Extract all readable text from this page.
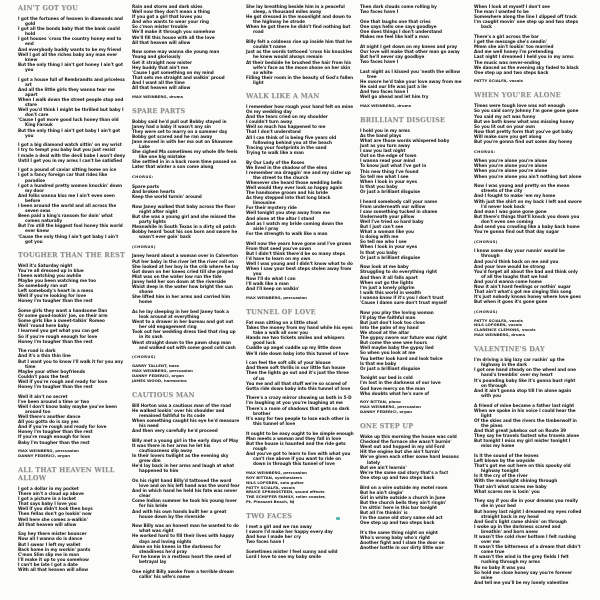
AIN'T GOT YOU
I got the fortunes of heaven in diamonds and gold
I got all the bonds baby that the bank could hold
I got houses 'cross the country honey end to end
And everybody buddy wants to be my friend
Well I got all the riches baby any man ever knew
But the only thing I ain't got honey I ain't got you
I got a house full of Rembrandts and priceless art
And all the little girls they wanna tear me apart
When I walk down the street people stop and stare
Well you'd think I might be thrilled but baby I don't care
'Cause I got more good luck honey than old King Farouk
But the only thing I ain't got baby I ain't got you
I got a big diamond watch sittin' on my wrist
I try to tempt you baby but you just resist
I made a deal with the devil babe I won't deny
Until I get you in my arms I can't be satisfied
I got a pound of caviar sitting home on ice
I got a fancy foreign car that rides like paradise
I got a hundred pretty women knockin' down my door
And folks wanna kiss me I ain't even seen before
I been around the world and all across the seven seas
Been paid a king's ransom for doin' what comes naturally
But I'm still the biggest fool honey this world ever knew
'Cause the only thing I ain't got baby I ain't got you
TOUGHER THAN THE REST
Well it's Saturday night
You're all dressed up in blue
I been watching you awhile
Maybe you been watching me too
So somebody ran out
Left somebody's heart in a mess
Well if you're looking for love
Honey I'm tougher than the rest
Some girls they want a handsome Dan
Or some good-lookin' Joe, on their arm
Some girls like a sweet-talkin' Romeo
Well 'round here baby
I learned you get what you can get
So if you're rough enough for love
Honey I'm tougher than the rest
The road is dark
And it's a thin thin line
But I want you to know I'll walk it for you any time
Maybe your other boyfriends
Couldn't pass the test
Well if you're rough and ready for love
Honey I'm tougher than the rest
Well it ain't no secret
I've been around a time or two
Well I don't know baby maybe you've been around too
Well there's another dance
All you gotta do is say yes
And if you're rough and ready for love
Honey I'm tougher than the rest
If you're rough enough for love
Baby I'm tougher than the rest
MAX WEINBERG, percussion
DANNY FEDERICI, organ
ALL THAT HEAVEN WILL ALLOW
I got a dollar in my pocket
There ain't a cloud up above
I got a picture in a locket
That says baby I love you
Well if you didn't look then boys
Then fellas don't go lookin' now
Well here she comes a-walkin'
All that heaven will allow
Say hey there mister bouncer
Now all I wanna do is dance
But I swear I left my wallet
Back home in my workin' pants
C'mon Slim slip me in man
I'll make it up to you somehow
I can't be late I got a date
With all that heaven will allow
Rain and storm and dark skies
Well now they don't mean a thing
If you got a girl that loves you
And who wants to wear your ring
So c'mon mister trouble
We'll make it through you somehow
We'll fill this house with all the love
All that heaven will allow
Now some may wanna die young man
Young and gloriously
Get it straight now mister
Hey buddy that ain't me
'Cause I got something on my mind
That sets me straight and walkin' proud
And I want all the time
All that heaven will allow
MAX WEINBERG, drums
SPARE PARTS
Bobby said he'd pull out Bobby stayed in
Janey had a baby it wasn't any sin
They were set to marry on a summer day
Bobby got scared and he ran away
Jane moved in with her ma out on Shawnee Lake
She sighed Ma sometimes my whole life feels like one big mistake
She settled in in a back room time passed on
Later that winter a son come along
CHORUS:
Spare parts
And broken hearts
Keep the world turnin' around
Now Janey walked that baby across the floor night after night
But she was a young girl and she missed the party lights
Meanwhile in South Texas in a dirty oil patch
Bobby heard 'bout his son born and swore he wasn't ever goin' back
(CHORUS)
Janey heard about a woman over in Calverton
Put her baby in the river let the river roll on
She looked at her boy in the crib where he lay
Got down on her knees cried till she prayed
Mist was on the water low run the tide
Janey held her son down at the riverside
Waist deep in the water how bright the sun shone
She lifted him in her arms and carried him home
As he lay sleeping in her bed Janey took a look around at everything
Went to a drawer in her bureau and got out her old engagement ring
Took out her wedding dress tied that ring up in its sash
Went straight down to the pawn shop man and walked out with some good cold cash
(CHORUS)
GARRY TALLENT, bass
MAX WEINBERG, percussion
DANNY FEDERICI, organ
JAMES WOOD, harmonica
CAUTIOUS MAN
Bill Horton was a cautious man of the road
He walked lookin' over his shoulder and remained faithful to its code
When something caught his eye he'd measure his need
And then very carefully he'd proceed
Billy met a young girl in the early days of May
It was there in her arms he let his cautiousness slip away
In their lovers twilight as the evening sky grew dim
He'd lay back in her arms and laugh at what happened to him
On his right hand Billy'd tattooed the word love and on his left hand was the word fear
And in which hand he held his fate was never clear
Come Indian summer he took his young lover for his bride
And with his own hands built her a great house down by the riverside
Now Billy was an honest man he wanted to do what was right
He worked hard to fill their lives with happy days and loving nights
Alone on his knees in the darkness for steadiness he'd pray
For he knew in a restless heart the seed of betrayal lay
One night Billy awoke from a terrible dream callin' his wife's name
She lay breathing beside him in a peaceful sleep, a thousand miles away
He got dressed in the moonlight and down to the highway he strode
When he got there he didn't find nothing but road
Billy felt a coldness rise up inside him that he couldn't name
Just as the words tattooed 'cross his knuckles he knew would always remain
At their bedside he brushed the hair from his wife's face as the moon shone on her skin so white
Filling their room in the beauty of God's fallen light
WALK LIKE A MAN
I remember how rough your hand felt on mine
On my wedding day
And the tears cried on my shoulder
I couldn't turn away
Well so much has happened to me
That I don't understand
All I can think of is being five years old following behind you at the beach
Tracing your footprints in the sand
Trying to walk like a man
By Our Lady of the Roses
We lived in the shadow of the elms
I remember ma draggin' me and my sister up the street to the church
Whenever she heard those wedding bells
Well would they ever look so happy again
The handsome groom and his bride
As they stepped into that long black limousine
For their mystery ride
Well tonight you step away from me
And alone at the altar I stand
And as I watch my bride coming down the aisle I pray
For the strength to walk like a man
Well now the years have gone and I've grown
From that seed you've sown
But I didn't think there'd be so many steps
I'd have to learn on my own
Well I was young and I didn't know what to do
When I saw your best steps stolen away from you
Now I'll do what I can
I'll walk like a man
And I'll keep on walkin'
MAX WEINBERG, percussion
TUNNEL OF LOVE
Fat man sitting on a little stool
Takes the money from my hand while his eyes take a walk all over you
Hands me two tickets smiles and whispers good luck
Cuddle up angel cuddle up my little dove
We'll ride down baby into this tunnel of love
I can feel the soft silk of your blouse
And them soft thrills in our little fun house
Then the lights go out and it's just the three of us
You me and all that stuff we're so scared of
Gotta ride down baby into this tunnel of love
There's a crazy mirror showing us both in 5-D
I'm laughing at you you're laughing at me
There's a room of shadows that gets so dark brother
It's easy for two people to lose each other in this tunnel of love
It ought to be easy ought to be simple enough
Man meets a woman and they fall in love
But the house is haunted and the ride gets rough
And you've got to learn to live with what you can't rise above if you want to ride on down in through this tunnel of love
MAX WEINBERG, percussion
ROY BITTAN, synthesizers
NILS LOFGREN, solo guitar
PATTY SCIALFA, vocals
BRUCE SPRINGSTEEN, sound effects
THE SCHIFFER FAMILY, roller coaster,
Pt. Pleasant Beach, NJ
TWO FACES
I met a girl and we ran away
I swore I'd make her happy every day
And how I made her cry
Two faces have I
Sometimes mister I feel sunny and wild
Lord I love to see my baby smile
Then dark clouds come rolling by
Two faces have I
One that laughs one that cries
One says hello one says goodbye
One does things I don't understand
Makes me feel like half a man
At night I get down on my knees and pray
Our love will make that other man go away
But he'll never say goodbye
Two faces have I
Last night as I kissed you 'neath the willow tree
He swore he'd take your love away from me
He said our life was just a lie
And two faces have I
Well go ahead and let him try
MAX WEINBERG, drums
BRILLIANT DISGUISE
I hold you in my arms
As the band plays
What are those words whispered baby
Just as you turn away
I saw you last night
Out on the edge of town
I wanna read your mind
To know just what I've got in
This new thing I've found
So tell me what I see
When I look in your eyes
Is that you baby
Or just a brilliant disguise
I heard somebody call your name
From underneath our willow
I saw something tucked in shame
Underneath your pillow
Well I've tried so hard baby
But I just can't see
What a woman like you
Is doing with me
So tell me who I see
When I look in your eyes
Is that you baby
Or just a brilliant disguise
Now look at me baby
Struggling to do everything right
And then it all falls apart
When out go the lights
I'm just a lonely pilgrim
I walk this world in wealth
I wanna know if it's you I don't trust
'Cause I damn sure don't trust myself
Now you play the loving woman
I'll play the faithful man
But just don't look too close
Into the palm of my hand
We stood at the altar
The gypsy swore our future was right
But come the wee wee hours
Well maybe baby the gypsy lied
So when you look at me
You better look hard and look twice
Is that me baby
Or just a brilliant disguise
Tonight our bed is cold
I'm lost in the darkness of our love
God have mercy on the man
Who doubts what he's sure of
ROY BITTAN, piano
MAX WEINBERG, percussion
DANNY FEDERICI, organ
ONE STEP UP
Woke up this morning the house was cold
Checked the furnace she wasn't burnin'
Went out and hopped in my old Ford
Hit the engine but she ain't turnin'
We've given each other some hard lessons lately
But we ain't learnin'
We're the same sad story that's a fact
One step up and two steps back
Bird on a wire outside my motel room
But he ain't singin'
Girl in white outside a church in June
But the church bells they ain't ringin'
I'm sittin' here in this bar tonight
But all I'm thinkin' is
I'm the same old story same old act
One step up and two steps back
It's the same thing night on night
Who's wrong baby who's right
Another fight and I slam the door on
Another battle in our dirty little war
When I look at myself I don't see
The man I wanted to be
Somewhere along the line I slipped off track
I'm caught movin' one step up and two steps back
There's a girl across the bar
I get the message she's sendin'
Mmm she ain't lookin' too married
And me well honey I'm pretending
Last night I dreamed I held you in my arms
The music was never-ending
We danced as the evening sky faded to black
One step up and two steps back
PATTY SCIALFA, vocals
WHEN YOU'RE ALONE
Times were tough love was not enough
So you said sorry Johnny I'm gone gone gone
You said my act was funny
But we both knew what was missing honey
So you lit out on your own
Now that pretty form that you've got baby
Will make sure you get along
But you're gonna find out some day honey
CHORUS:
When you're alone you're alone
When you're alone you're alone
When you're alone you're alone
When you're alone you ain't nothing but alone
Now I was young and pretty on the mean streets of the city
And I fought to make 'em my home
With just the shirt on my back I left and swore I'd never look back
And man I was gone gone gone
But there's things that'll knock you down you don't even see coming
And send you crawling like a baby back home
You're gonna find out that day sugar
(CHORUS)
I know some day your runnin' would be through
And you'd think back on me and you
And your love would be strong
You'd forget all about the bad and think only of all the laughs that we had
And you'd wanna come home
Now it ain't hard feelings or nothin' sugar
That ain't what's got me singing this song
It's just nobody knows honey where love goes
But when it goes it's gone gone
(CHORUS)
PATTY SCIALFA, vocals
NILS LOFGREN, vocals
CLARENCE CLEMONS, vocals
MAX WEINBERG, drums
VALENTINE'S DAY
I'm driving a big lazy car rushin' up the highway in the dark
I got one hand steady on the wheel and one hand's tremblin' over my heart
It's pounding baby like it's gonna bust right on through
And it ain't gonna stop till I'm alone again with you
A friend of mine became a father last night
When we spoke in his voice I could hear the light
Of the skies and the rivers the timberwolf in the pines
And that great jukebox out on Route 39
They say he travels fastest who travels alone
But tonight I miss my girl mister tonight I miss my home
Is it the sound of the leaves
Left blown by the wayside
That's got me out here on this spooky old highway tonight
Is it the cry of the river
With the moonlight shining through
That ain't what scares me baby
What scares me is losin' you
They say if you die in your dreams you really die in your bed
But honey last night I dreamed my eyes rolled straight back in my head
And God's light came shinin' on through
I woke up in the darkness scared and breathin' and born anew
It wasn't the cold river bottom I felt rushing over me
It wasn't the bitterness of a dream that didn't come true
It wasn't the wind in the grey fields I felt rushing through my arms
No no baby it was you
So hold me close honey say you're forever mine
And tell me you'll be my lonely valentine
